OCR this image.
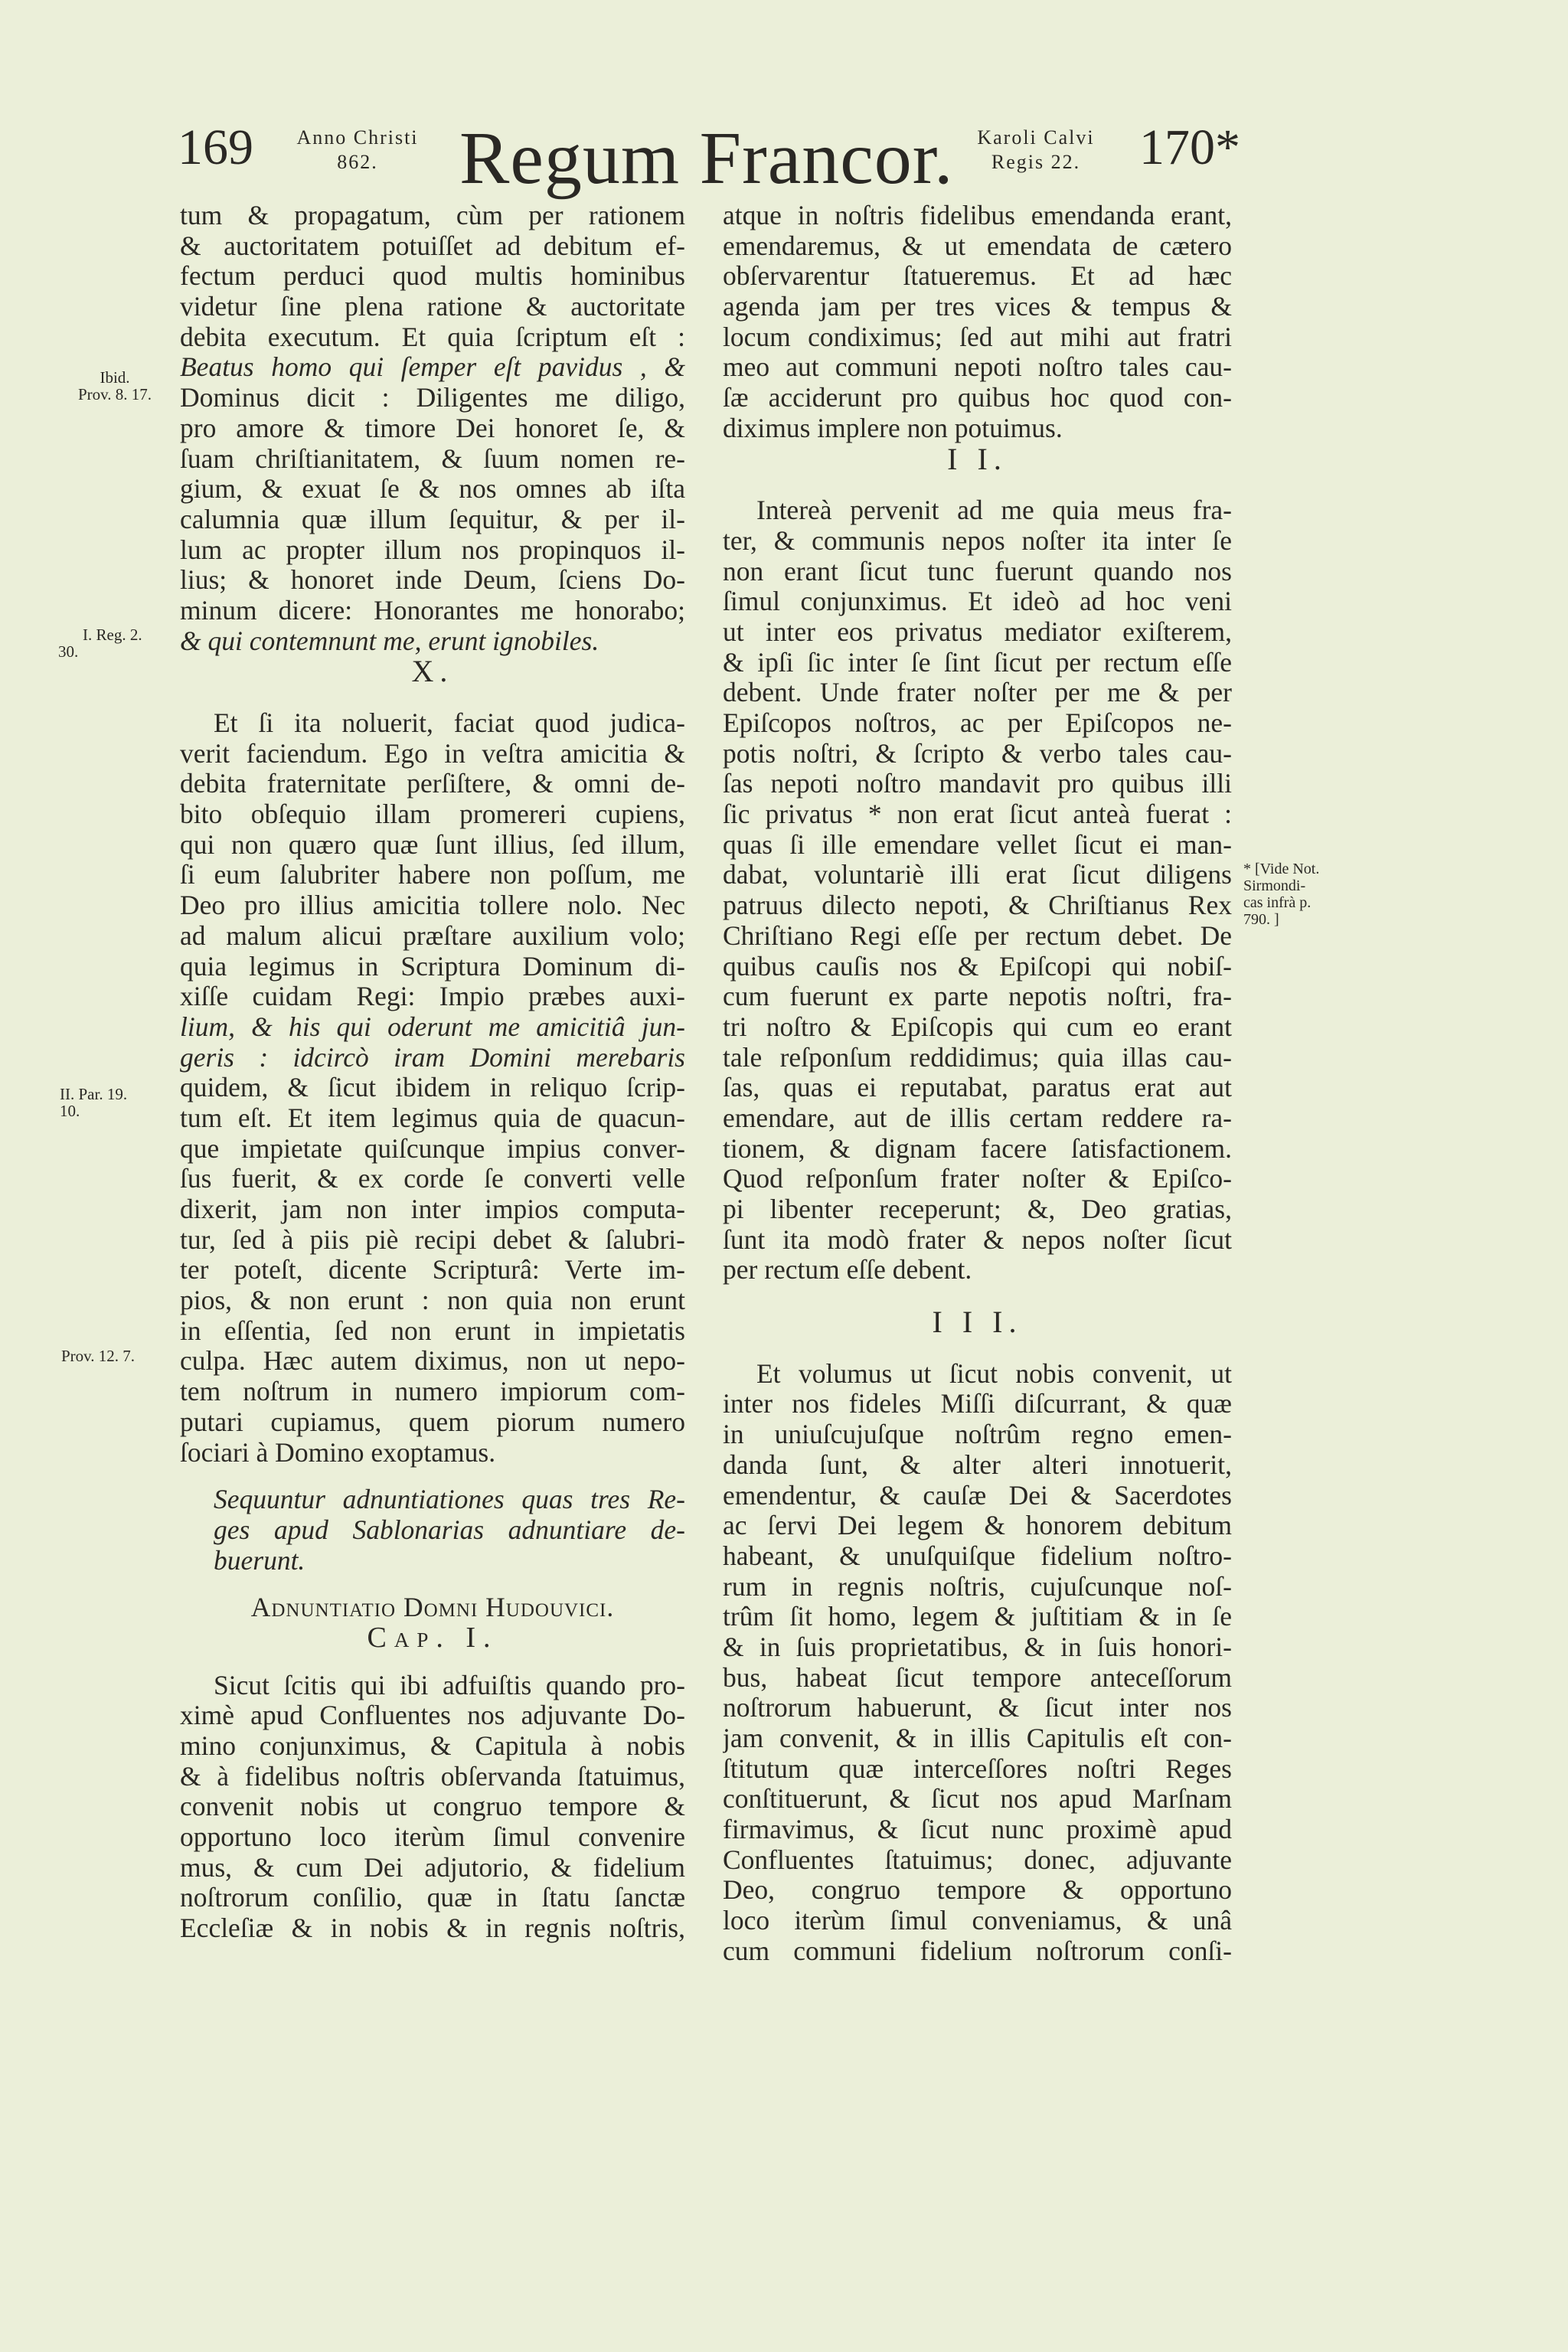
169	Anno Christi
862.	Regum Francor.	Karoli Calvi
Regis 22.	170*
Ibid.
Prov. 8. 17.
I. Reg. 2.
30.
II. Par. 19.
10.
Prov. 12. 7.
* [Vide Not.
Sirmondi-
cas infrà p.
790. ]
tum & propagatum, cùm per rationem
& auctoritatem potuiſſet ad debitum ef-
fectum perduci quod multis hominibus
videtur ſine plena ratione & auctoritate
debita executum. Et quia ſcriptum eſt :
Beatus homo qui ſemper eſt pavidus , &
Dominus dicit : Diligentes me diligo,
pro amore & timore Dei honoret ſe, &
ſuam chriſtianitatem, & ſuum nomen re-
gium, & exuat ſe & nos omnes ab iſta
calumnia quæ illum ſequitur, & per il-
lum ac propter illum nos propinquos il-
lius; & honoret inde Deum, ſciens Do-
minum dicere: Honorantes me honorabo;
& qui contemnunt me, erunt ignobiles.
X.
Et ſi ita noluerit, faciat quod judica-
verit faciendum. Ego in veſtra amicitia &
debita fraternitate perſiſtere, & omni de-
bito obſequio illam promereri cupiens,
qui non quæro quæ ſunt illius, ſed illum,
ſi eum ſalubriter habere non poſſum, me
Deo pro illius amicitia tollere nolo. Nec
ad malum alicui præſtare auxilium volo;
quia legimus in Scriptura Dominum di-
xiſſe cuidam Regi: Impio præbes auxi-
lium, & his qui oderunt me amicitiâ jun-
geris : idcircò iram Domini merebaris
quidem, & ſicut ibidem in reliquo ſcrip-
tum eſt. Et item legimus quia de quacun-
que impietate quiſcunque impius conver-
ſus fuerit, & ex corde ſe converti velle
dixerit, jam non inter impios computa-
tur, ſed à piis piè recipi debet & ſalubri-
ter poteſt, dicente Scripturâ: Verte im-
pios, & non erunt : non quia non erunt
in eſſentia, ſed non erunt in impietatis
culpa. Hæc autem diximus, non ut nepo-
tem noſtrum in numero impiorum com-
putari cupiamus, quem piorum numero
ſociari à Domino exoptamus.
Sequuntur adnuntiationes quas tres Re-
ges apud Sablonarias adnuntiare de-
buerunt.
Adnuntiatio Domni Hudouvici.
Cap. I.
Sicut ſcitis qui ibi adfuiſtis quando pro-
ximè apud Confluentes nos adjuvante Do-
mino conjunximus, & Capitula à nobis
& à fidelibus noſtris obſervanda ſtatuimus,
convenit nobis ut congruo tempore &
opportuno loco iterùm ſimul convenire
mus, & cum Dei adjutorio, & fidelium
noſtrorum conſilio, quæ in ſtatu ſanctæ
Eccleſiæ & in nobis & in regnis noſtris,
atque in noſtris fidelibus emendanda erant,
emendaremus, & ut emendata de cætero
obſervarentur ſtatueremus. Et ad hæc
agenda jam per tres vices & tempus &
locum condiximus; ſed aut mihi aut fratri
meo aut communi nepoti noſtro tales cau-
ſæ acciderunt pro quibus hoc quod con-
diximus implere non potuimus.
I I.
Intereà pervenit ad me quia meus fra-
ter, & communis nepos noſter ita inter ſe
non erant ſicut tunc fuerunt quando nos
ſimul conjunximus. Et ideò ad hoc veni
ut inter eos privatus mediator exiſterem,
& ipſi ſic inter ſe ſint ſicut per rectum eſſe
debent. Unde frater noſter per me & per
Epiſcopos noſtros, ac per Epiſcopos ne-
potis noſtri, & ſcripto & verbo tales cau-
ſas nepoti noſtro mandavit pro quibus illi
ſic privatus * non erat ſicut anteà fuerat :
quas ſi ille emendare vellet ſicut ei man-
dabat, voluntariè illi erat ſicut diligens
patruus dilecto nepoti, & Chriſtianus Rex
Chriſtiano Regi eſſe per rectum debet. De
quibus cauſis nos & Epiſcopi qui nobiſ-
cum fuerunt ex parte nepotis noſtri, fra-
tri noſtro & Epiſcopis qui cum eo erant
tale reſponſum reddidimus; quia illas cau-
ſas, quas ei reputabat, paratus erat aut
emendare, aut de illis certam reddere ra-
tionem, & dignam facere ſatisfactionem.
Quod reſponſum frater noſter & Epiſco-
pi libenter receperunt; &, Deo gratias,
ſunt ita modò frater & nepos noſter ſicut
per rectum eſſe debent.
I I I.
Et volumus ut ſicut nobis convenit, ut
inter nos fideles Miſſi diſcurrant, & quæ
in uniuſcujuſque noſtrûm regno emen-
danda ſunt, & alter alteri innotuerit,
emendentur, & cauſæ Dei & Sacerdotes
ac ſervi Dei legem & honorem debitum
habeant, & unuſquiſque fidelium noſtro-
rum in regnis noſtris, cujuſcunque noſ-
trûm ſit homo, legem & juſtitiam & in ſe
& in ſuis proprietatibus, & in ſuis honori-
bus, habeat ſicut tempore anteceſſorum
noſtrorum habuerunt, & ſicut inter nos
jam convenit, & in illis Capitulis eſt con-
ſtitutum quæ interceſſores noſtri Reges
conſtituerunt, & ſicut nos apud Marſnam
firmavimus, & ſicut nunc proximè apud
Confluentes ſtatuimus; donec, adjuvante
Deo, congruo tempore & opportuno
loco iterùm ſimul conveniamus, & unâ
cum communi fidelium noſtrorum conſi-
